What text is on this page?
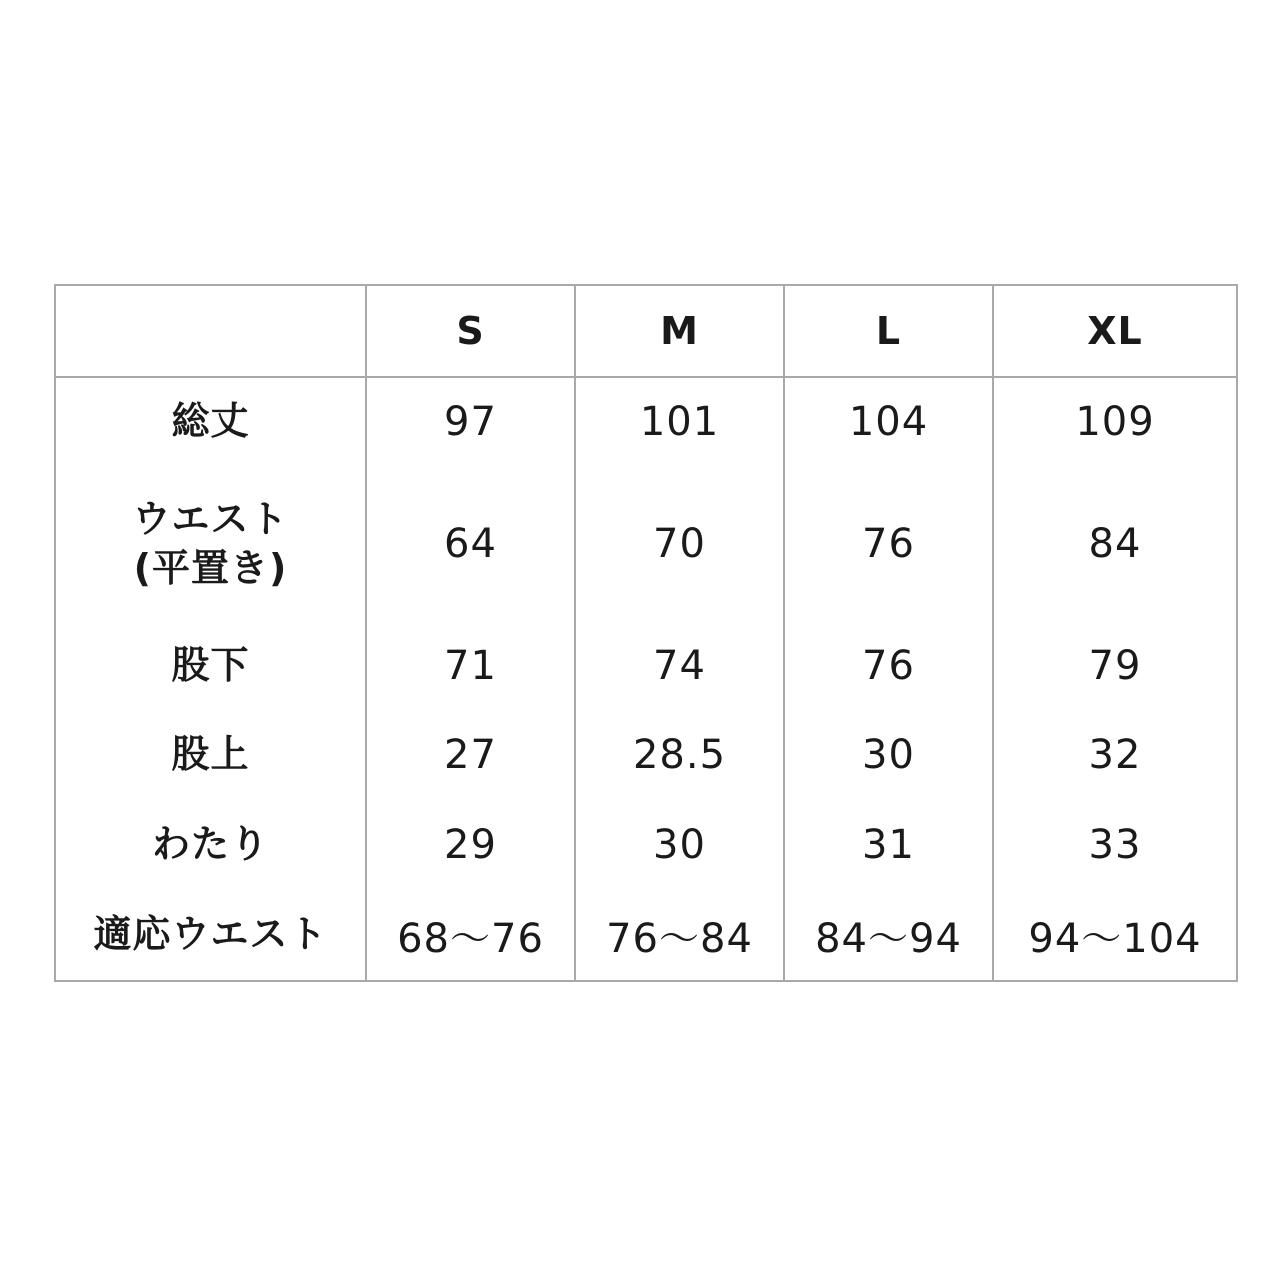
	S	M	L	XL

総丈	97	101	104	109

ウエスト
(平置き)	64	70	76	84

股下	71	74	76	79

股上	27	28.5	30	32

わたり	29	30	31	33

適応ウエスト	68〜76	76〜84	84〜94	94〜104
